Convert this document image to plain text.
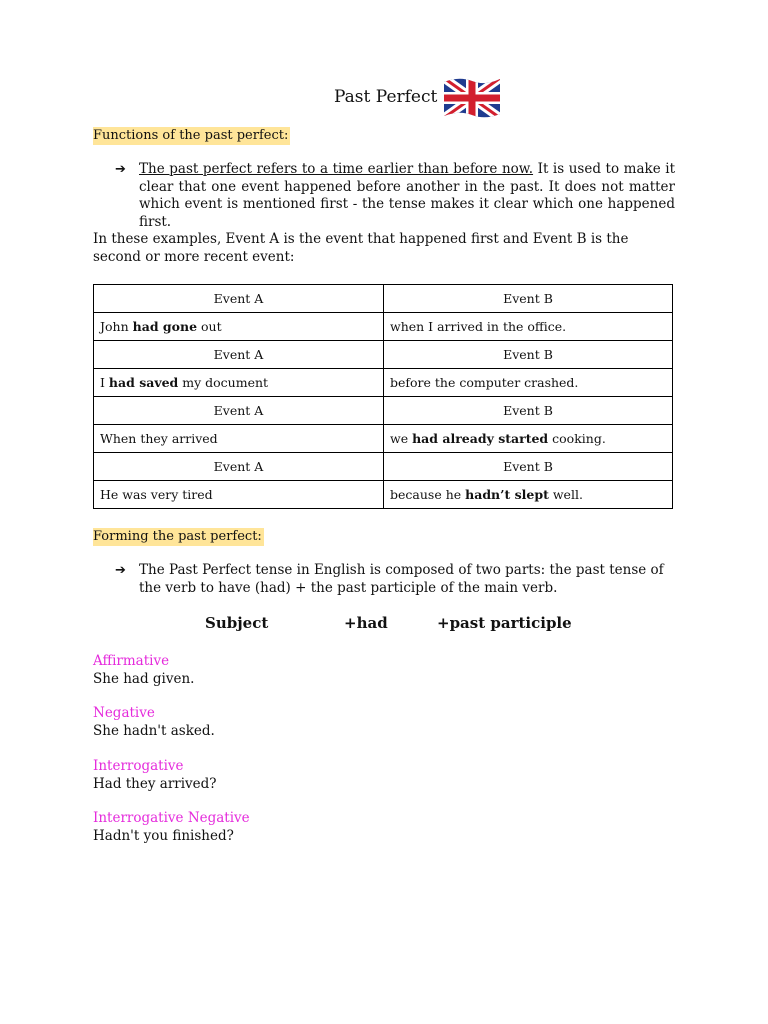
Past Perfect
Functions of the past perfect:
➔ The past perfect refers to a time earlier than before now. It is used to make it clear that one event happened before another in the past. It does not matter which event is mentioned first - the tense makes it clear which one happened first.
In these examples, Event A is the event that happened first and Event B is the second or more recent event:
Event A	Event B
John had gone out	when I arrived in the office.
Event A	Event B
I had saved my document	before the computer crashed.
Event A	Event B
When they arrived	we had already started cooking.
Event A	Event B
He was very tired	because he hadn’t slept well.
Forming the past perfect:
➔ The Past Perfect tense in English is composed of two parts: the past tense of the verb to have (had) + the past participle of the main verb.
Subject	+had	+past participle
Affirmative
She had given.
Negative
She hadn't asked.
Interrogative
Had they arrived?
Interrogative Negative
Hadn't you finished?
